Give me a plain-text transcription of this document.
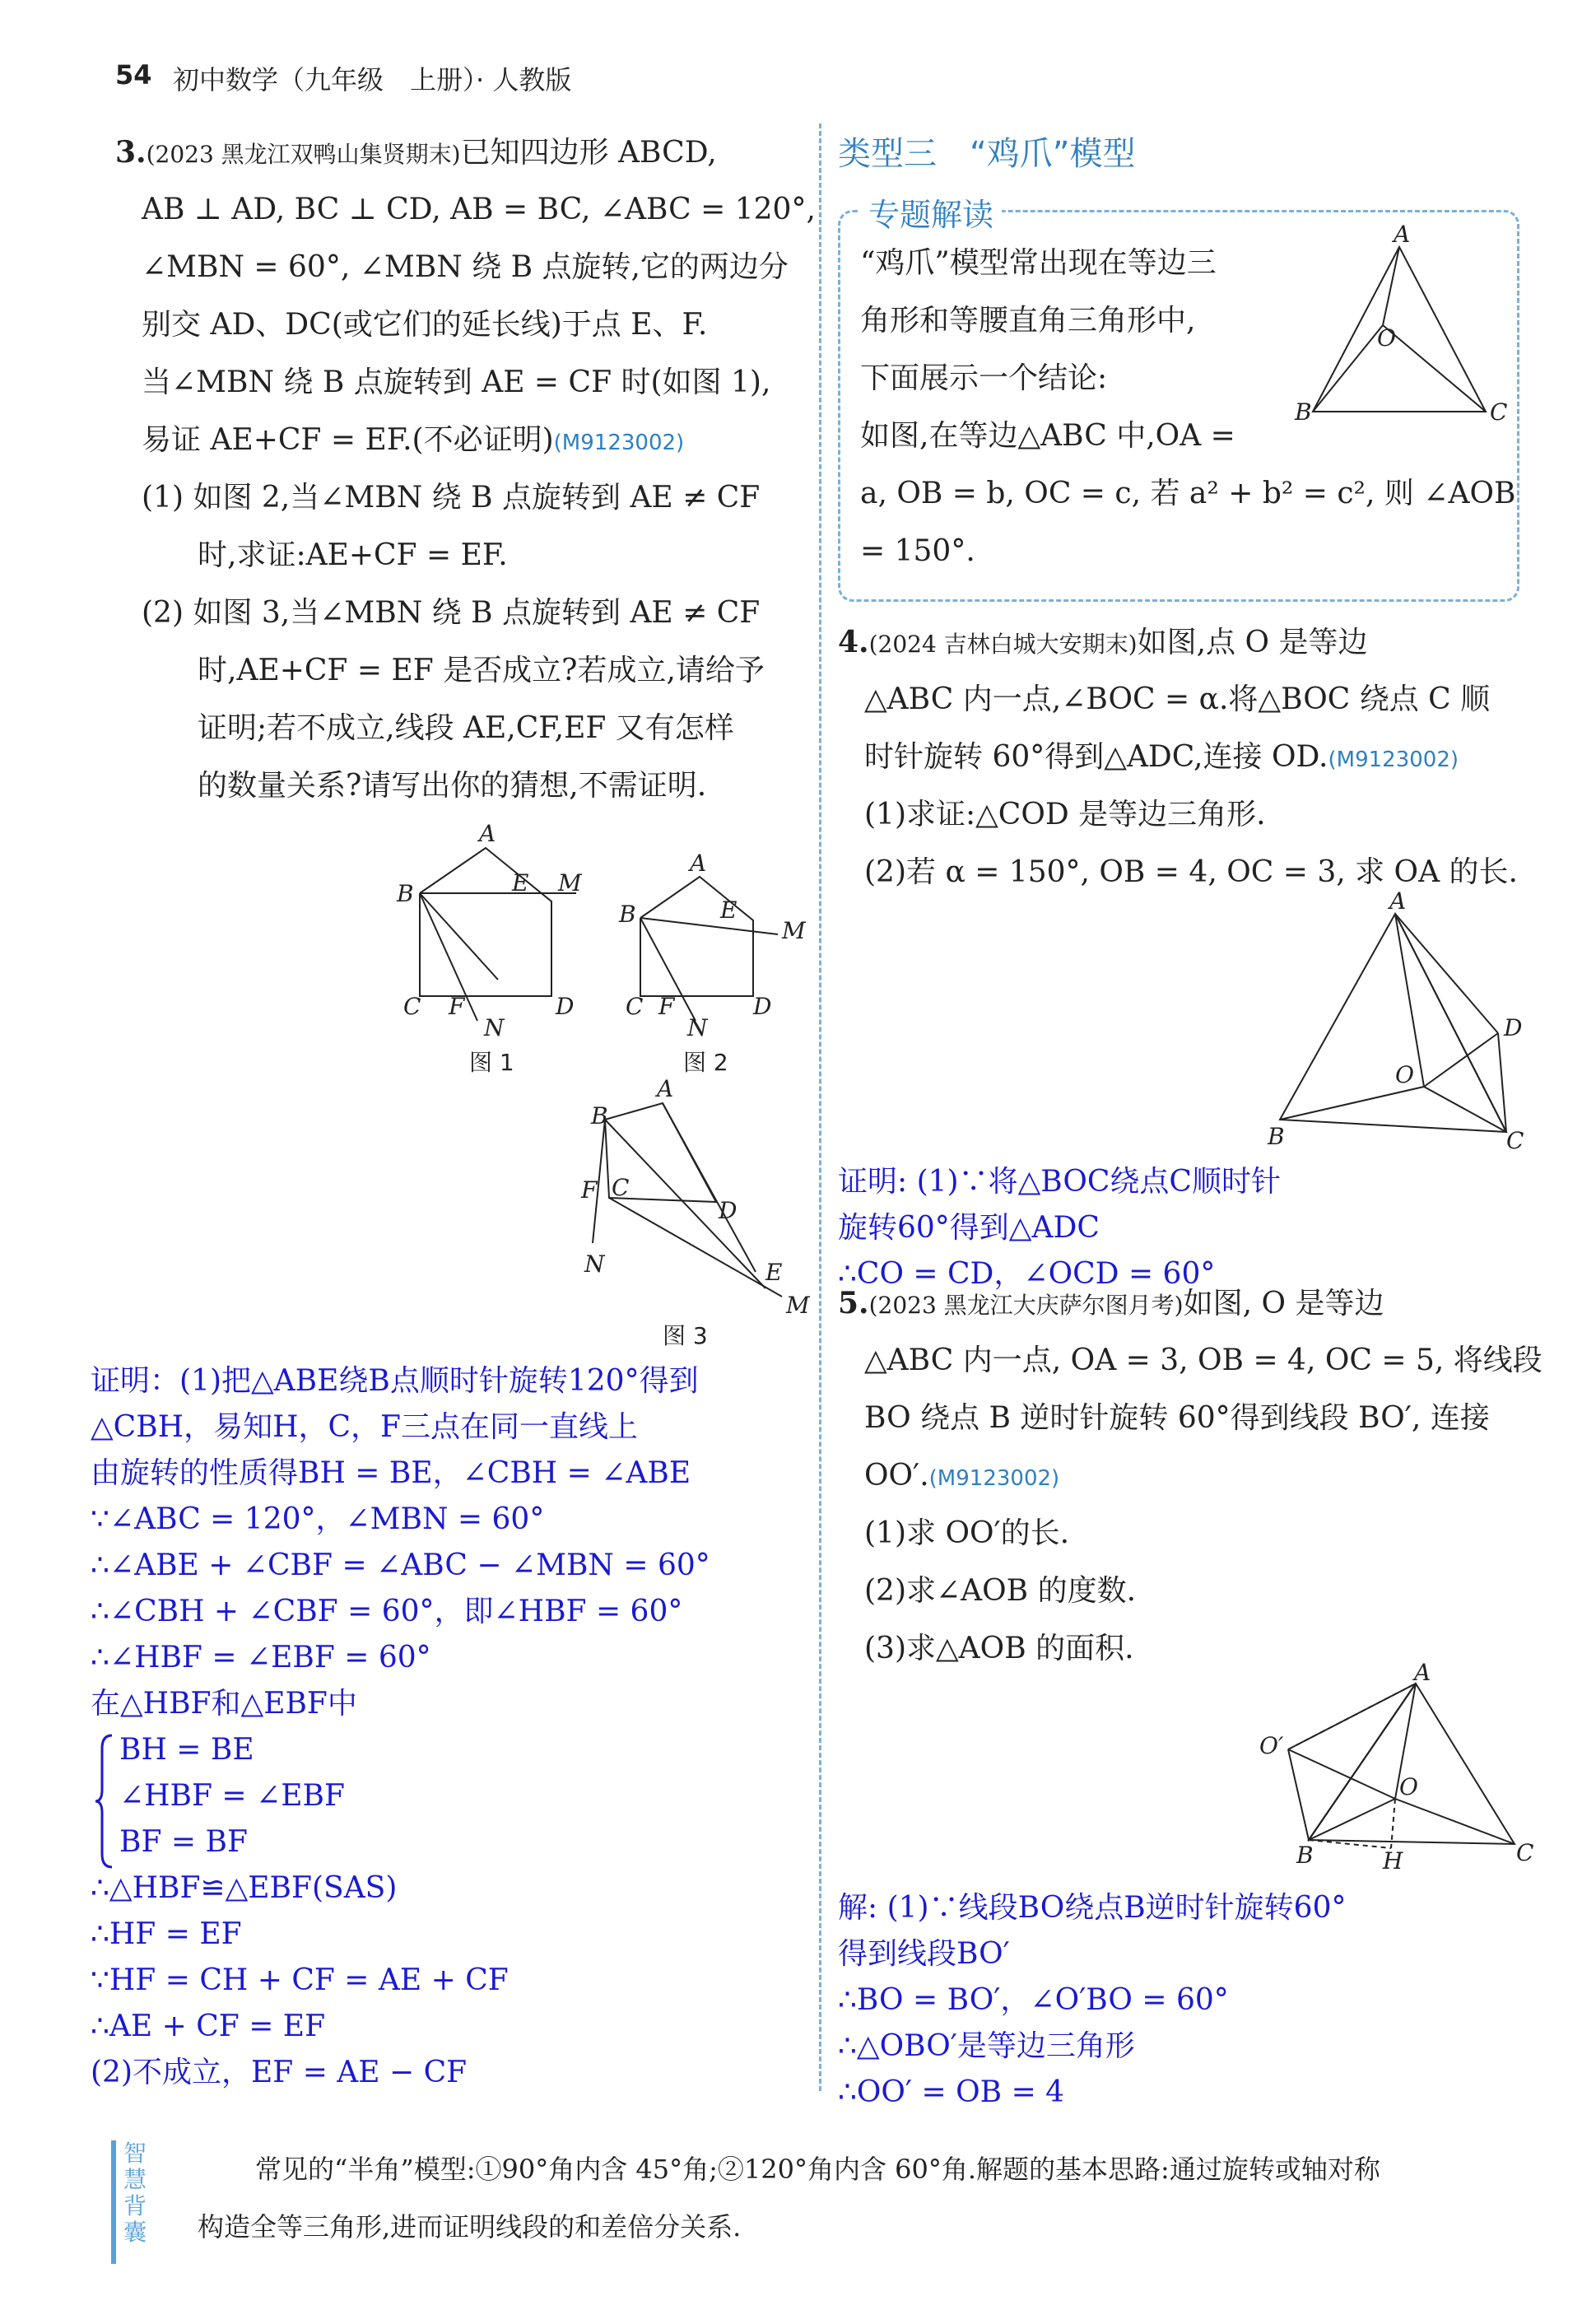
54 初中数学（九年级　上册）· 人教版
3.(2023 黑龙江双鸭山集贤期末)已知四边形 ABCD,
AB ⊥ AD, BC ⊥ CD, AB = BC, ∠ABC = 120°,
∠MBN = 60°, ∠MBN 绕 B 点旋转,它的两边分
别交 AD、DC(或它们的延长线)于点 E、F.
当∠MBN 绕 B 点旋转到 AE = CF 时(如图 1),
易证 AE+CF = EF.(不必证明)(M9123002)
(1) 如图 2,当∠MBN 绕 B 点旋转到 AE ≠ CF
时,求证:AE+CF = EF.
(2) 如图 3,当∠MBN 绕 B 点旋转到 AE ≠ CF
时,AE+CF = EF 是否成立?若成立,请给予
证明;若不成立,线段 AE,CF,EF 又有怎样
的数量关系?请写出你的猜想,不需证明.
A
B	E M
C F
N
D
图 1
A
B	E
M
C F
N
D
图 2
A
B
F C
D
E
M
N
图 3
证明：(1)把△ABE绕B点顺时针旋转120°得到
△CBH，易知H，C，F三点在同一直线上
由旋转的性质得BH = BE，∠CBH = ∠ABE
∵∠ABC = 120°，∠MBN = 60°
∴∠ABE + ∠CBF = ∠ABC − ∠MBN = 60°
∴∠CBH + ∠CBF = 60°，即∠HBF = 60°
∴∠HBF = ∠EBF = 60°
在△HBF和△EBF中
BH = BE
∠HBF = ∠EBF
BF = BF
∴△HBF≌△EBF(SAS)
∴HF = EF
∵HF = CH + CF = AE + CF
∴AE + CF = EF
(2)不成立，EF = AE − CF
类型三　“鸡爪”模型
专题解读
“鸡爪”模型常出现在等边三
角形和等腰直角三角形中,
下面展示一个结论:
如图,在等边△ABC 中,OA =
a, OB = b, OC = c, 若 a² + b² = c², 则 ∠AOB
= 150°.
A
O
B	C
4.(2024 吉林白城大安期末)如图,点 O 是等边
△ABC 内一点,∠BOC = α.将△BOC 绕点 C 顺
时针旋转 60°得到△ADC,连接 OD.(M9123002)
(1)求证:△COD 是等边三角形.
(2)若 α = 150°, OB = 4, OC = 3, 求 OA 的长.
A
D
O
B	C
证明: (1)∵将△BOC绕点C顺时针
旋转60°得到△ADC
∴CO = CD，∠OCD = 60°
5.(2023 黑龙江大庆萨尔图月考)如图, O 是等边
△ABC 内一点, OA = 3, OB = 4, OC = 5, 将线段
BO 绕点 B 逆时针旋转 60°得到线段 BO′, 连接
OO′.(M9123002)
(1)求 OO′的长.
(2)求∠AOB 的度数.
(3)求△AOB 的面积.
A
O′
O
B	H	C
解: (1)∵线段BO绕点B逆时针旋转60°
得到线段BO′
∴BO = BO′，∠O′BO = 60°
∴△OBO′是等边三角形
∴OO′ = OB = 4
智
慧
背
囊
常见的“半角”模型:①90°角内含 45°角;②120°角内含 60°角.解题的基本思路:通过旋转或轴对称
构造全等三角形,进而证明线段的和差倍分关系.
